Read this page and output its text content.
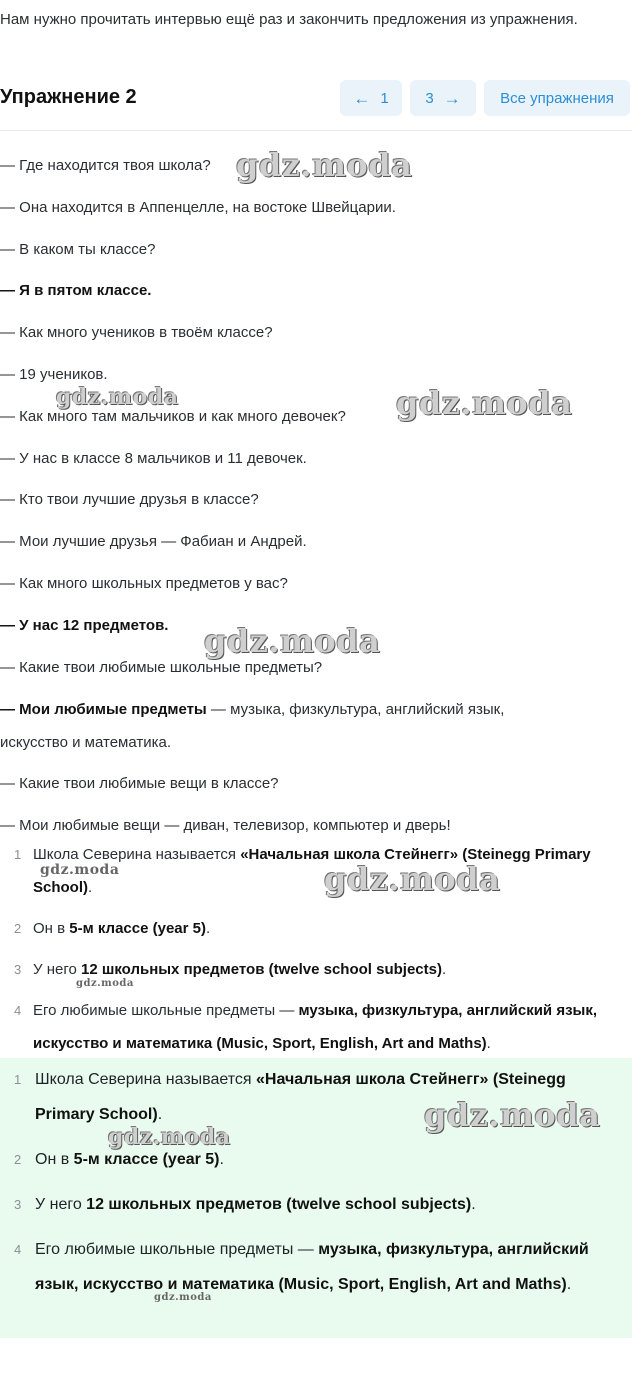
Нам нужно прочитать интервью ещё раз и закончить предложения из упражнения.
Упражнение 2	← 1 3 →	Все упражнения
— Где находится твоя школа?
— Она находится в Аппенцелле, на востоке Швейцарии.
— В каком ты классе?
— Я в пятом классе.
— Как много учеников в твоём классе?
— 19 учеников.
— Как много там мальчиков и как много девочек?
— У нас в классе 8 мальчиков и 11 девочек.
— Кто твои лучшие друзья в классе?
— Мои лучшие друзья — Фабиан и Андрей.
— Как много школьных предметов у вас?
— У нас 12 предметов.
— Какие твои любимые школьные предметы?
— Мои любимые предметы — музыка, физкультура, английский язык,
искусство и математика.
— Какие твои любимые вещи в классе?
— Мои любимые вещи — диван, телевизор, компьютер и дверь!
1 Школа Северина называется «Начальная школа Стейнегг» (Steinegg Primary School).
2 Он в 5-м классе (year 5).
3 У него 12 школьных предметов (twelve school subjects).
4 Его любимые школьные предметы — музыка, физкультура, английский язык, искусство и математика (Music, Sport, English, Art and Maths).
1 Школа Северина называется «Начальная школа Стейнегг» (Steinegg Primary School).
2 Он в 5-м классе (year 5).
3 У него 12 школьных предметов (twelve school subjects).
4 Его любимые школьные предметы — музыка, физкультура, английский язык, искусство и математика (Music, Sport, English, Art and Maths).
gdz.moda
gdz.moda	gdz.moda
gdz.moda
gdz.moda	gdz.moda
gdz.moda
gdz.moda
gdz.moda
gdz.moda
